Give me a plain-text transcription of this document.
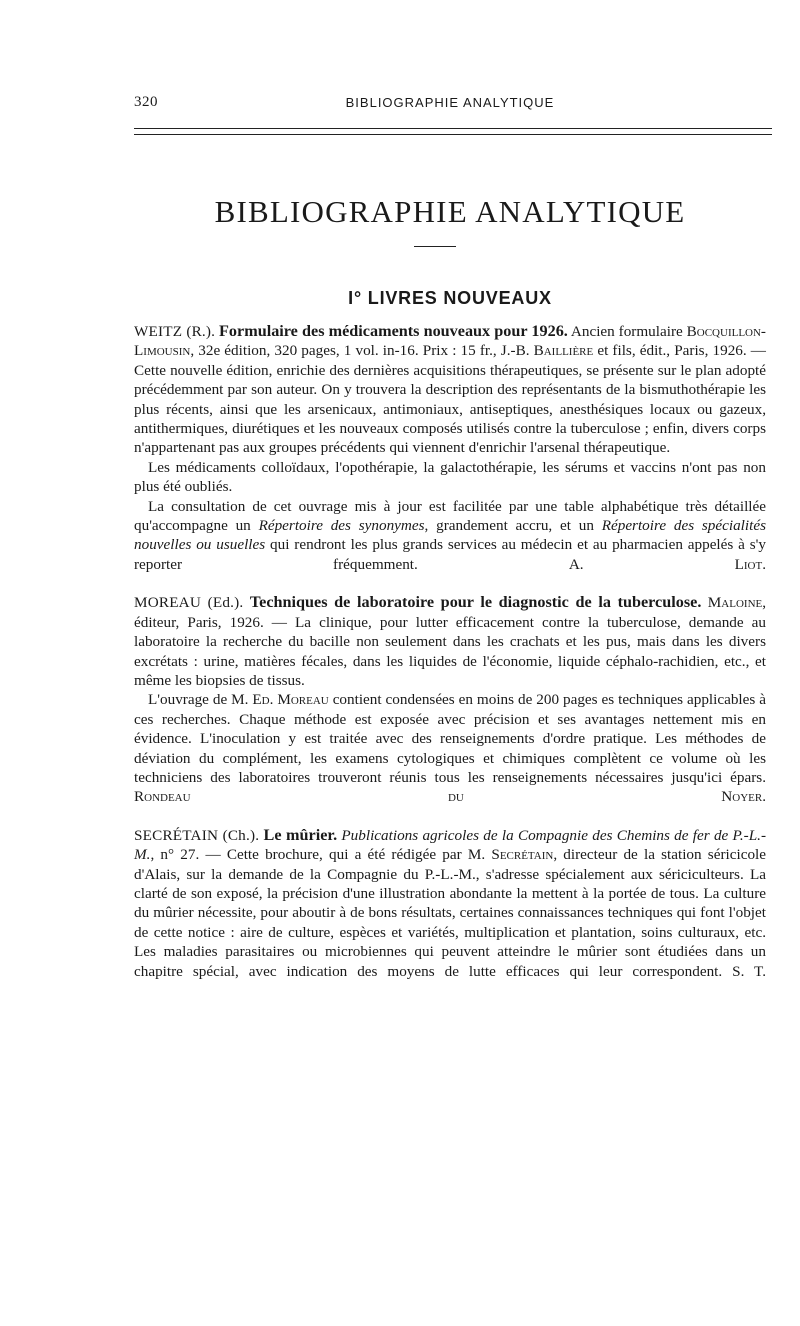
320	BIBLIOGRAPHIE ANALYTIQUE
BIBLIOGRAPHIE ANALYTIQUE
I° LIVRES NOUVEAUX

WEITZ (R.). Formulaire des médicaments nouveaux pour 1926. Ancien formulaire Bocquillon-Limousin, 32e édition, 320 pages, 1 vol. in-16. Prix : 15 fr., J.-B. Baillière et fils, édit., Paris, 1926. — Cette nouvelle édition, enrichie des dernières acquisitions thérapeutiques, se présente sur le plan adopté précédemment par son auteur. On y trouvera la description des représentants de la bismuthothérapie les plus récents, ainsi que les arsenicaux, antimoniaux, antiseptiques, anesthésiques locaux ou gazeux, antithermiques, diurétiques et les nouveaux composés utilisés contre la tuberculose ; enfin, divers corps n'appartenant pas aux groupes précédents qui viennent d'enrichir l'arsenal thérapeutique.

Les médicaments colloïdaux, l'opothérapie, la galactothérapie, les sérums et vaccins n'ont pas non plus été oubliés.

La consultation de cet ouvrage mis à jour est facilitée par une table alphabétique très détaillée qu'accompagne un Répertoire des synonymes, grandement accru, et un Répertoire des spécialités nouvelles ou usuelles qui rendront les plus grands services au médecin et au pharmacien appelés à s'y reporter fréquemment.	A. Liot.

MOREAU (Ed.). Techniques de laboratoire pour le diagnostic de la tuberculose. Maloine, éditeur, Paris, 1926. — La clinique, pour lutter efficacement contre la tuberculose, demande au laboratoire la recherche du bacille non seulement dans les crachats et les pus, mais dans les divers excrétats : urine, matières fécales, dans les liquides de l'économie, liquide céphalo-rachidien, etc., et même les biopsies de tissus.

L'ouvrage de M. Ed. Moreau contient condensées en moins de 200 pages es techniques applicables à ces recherches. Chaque méthode est exposée avec précision et ses avantages nettement mis en évidence. L'inoculation y est traitée avec des renseignements d'ordre pratique. Les méthodes de déviation du complément, les examens cytologiques et chimiques complètent ce volume où les techniciens des laboratoires trouveront réunis tous les renseignements nécessaires jusqu'ici épars. Rondeau du Noyer.

SECRÉTAIN (Ch.). Le mûrier. Publications agricoles de la Compagnie des Chemins de fer de P.-L.-M., n° 27. — Cette brochure, qui a été rédigée par M. Secrétain, directeur de la station séricicole d'Alais, sur la demande de la Compagnie du P.-L.-M., s'adresse spécialement aux sériciculteurs. La clarté de son exposé, la précision d'une illustration abondante la mettent à la portée de tous. La culture du mûrier nécessite, pour aboutir à de bons résultats, certaines connaissances techniques qui font l'objet de cette notice : aire de culture, espèces et variétés, multiplication et plantation, soins culturaux, etc. Les maladies parasitaires ou microbiennes qui peuvent atteindre le mûrier sont étudiées dans un chapitre spécial, avec indication des moyens de lutte efficaces qui leur correspondent. S. T.
